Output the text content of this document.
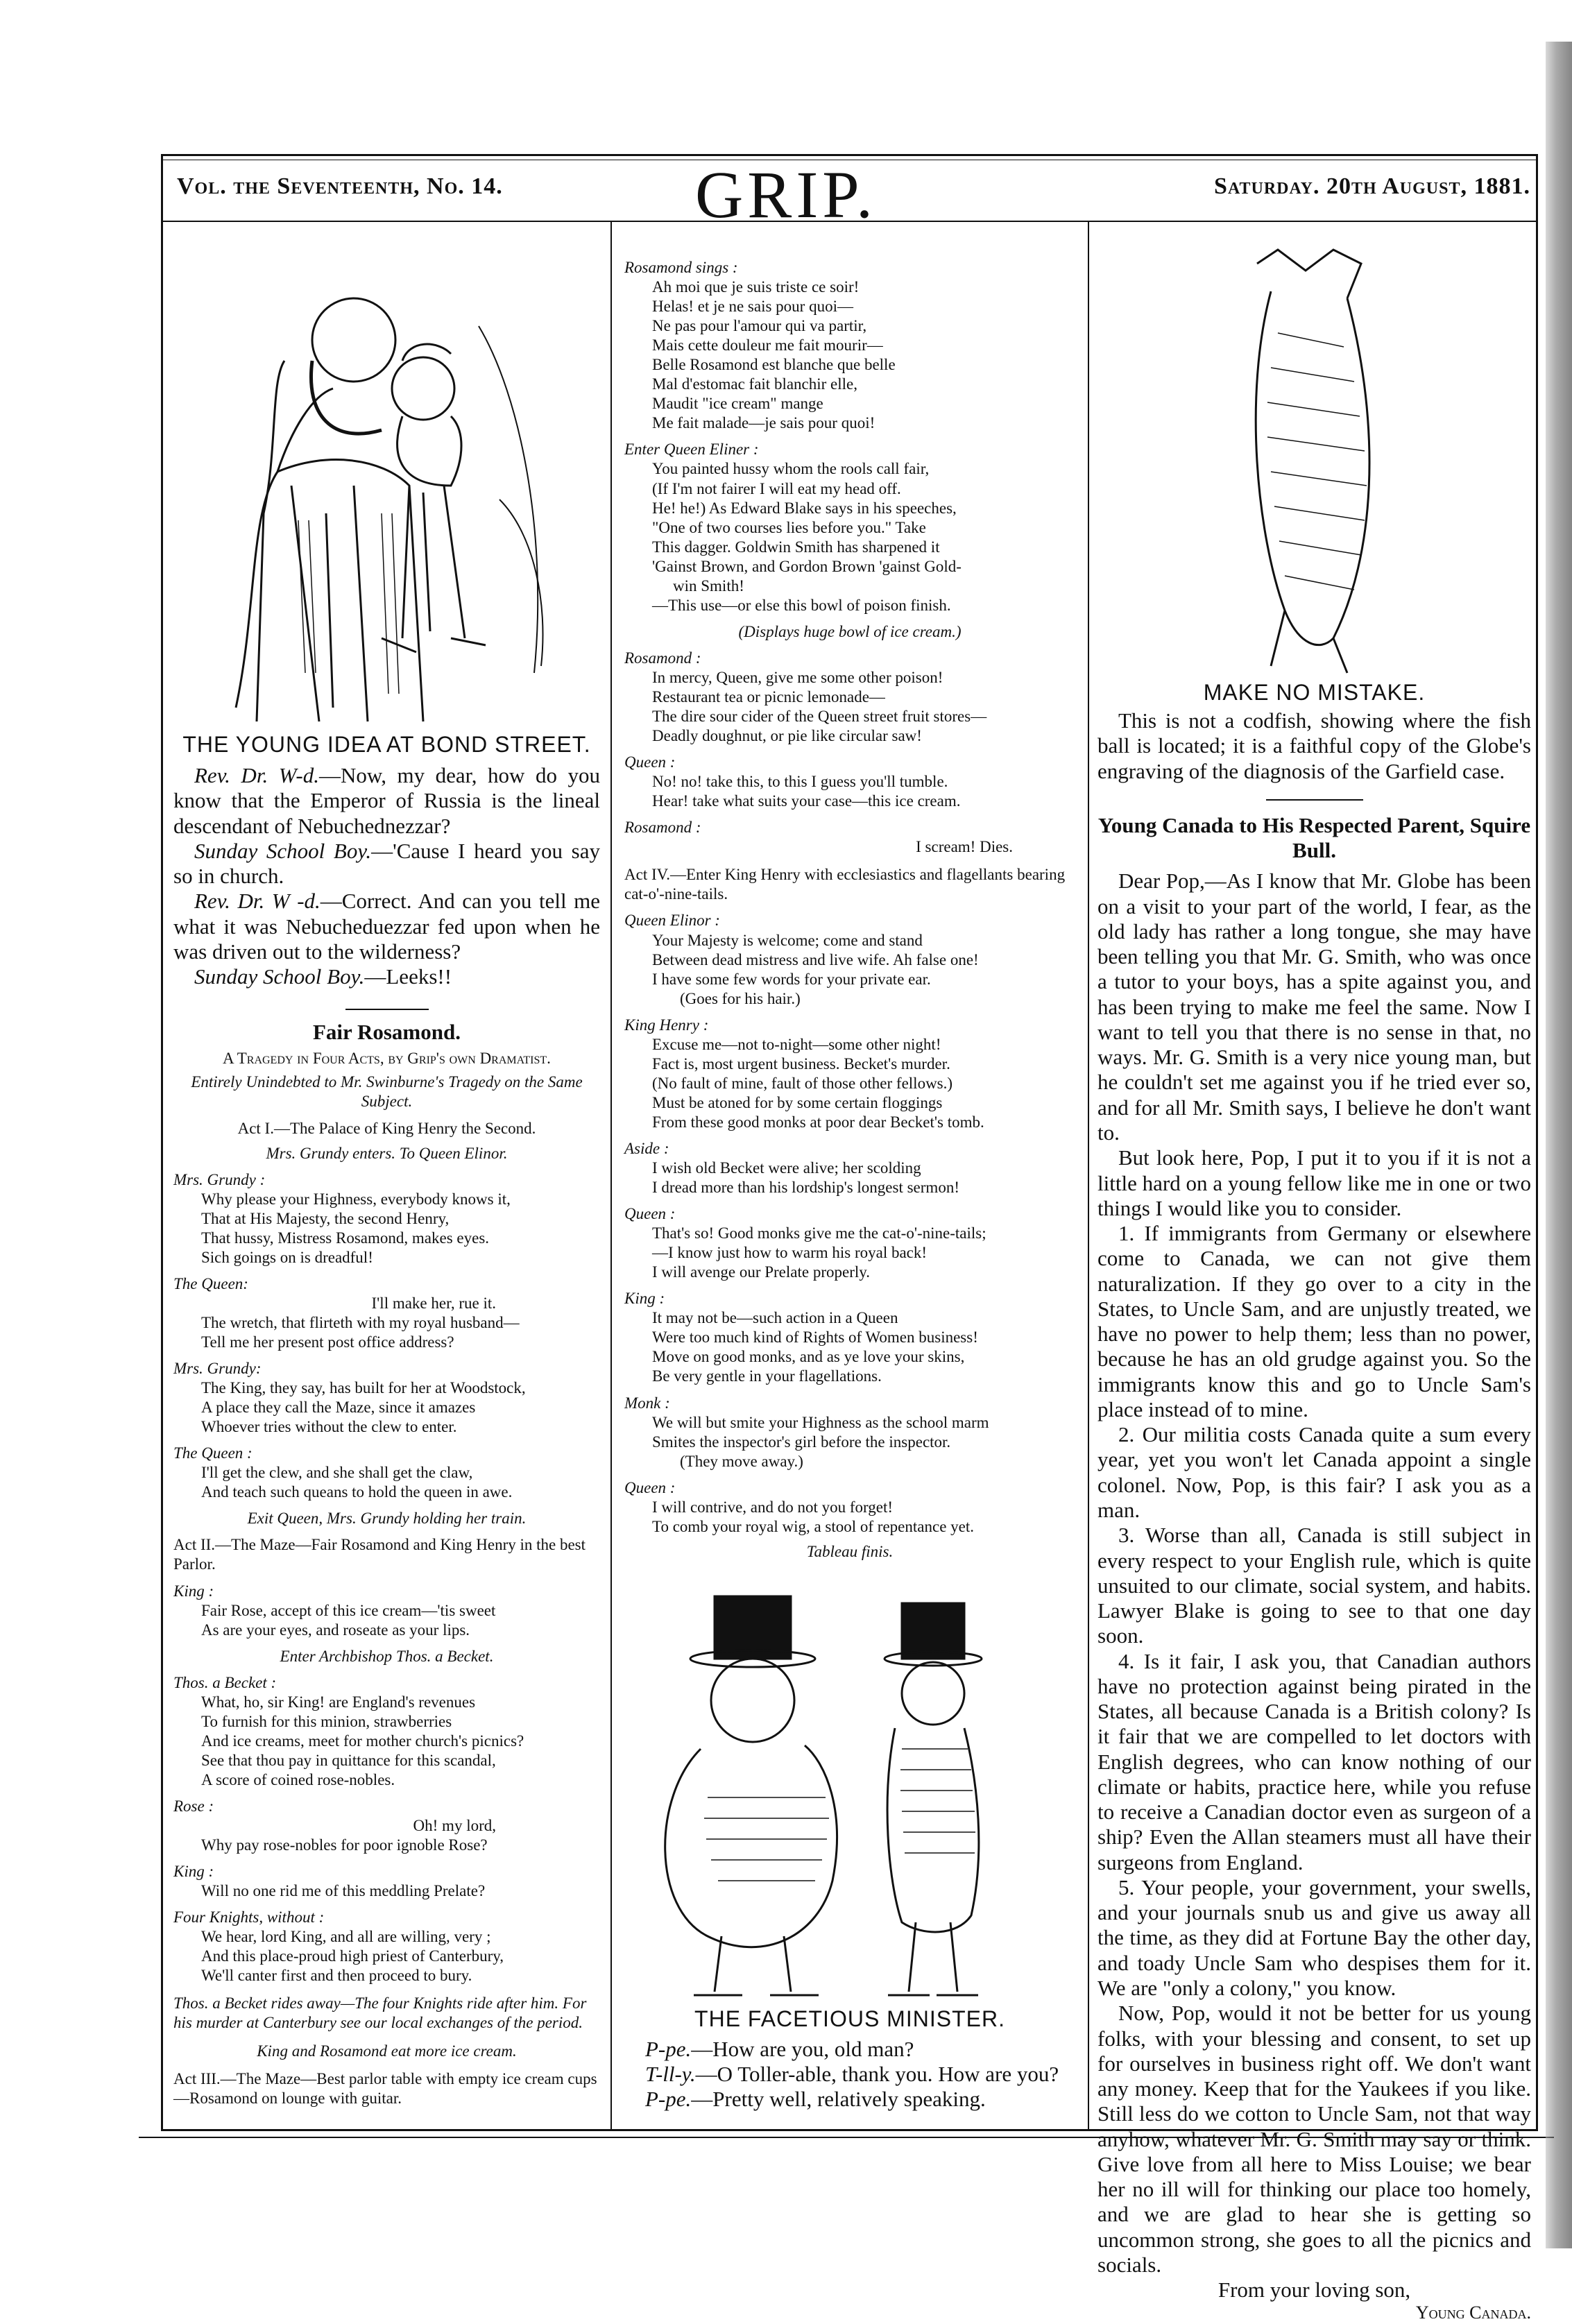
Vol. the Seventeenth, No. 14.	GRIP.	Saturday. 20th August, 1881.
THE YOUNG IDEA AT BOND STREET.

Rev. Dr. W-d.—Now, my dear, how do you know that the Emperor of Russia is the lineal descendant of Nebuchednezzar?

Sunday School Boy.—'Cause I heard you say so in church.

Rev. Dr. W -d.—Correct. And can you tell me what it was Nebucheduezzar fed upon when he was driven out to the wilderness?

Sunday School Boy.—Leeks!!

Fair Rosamond.
A Tragedy in Four Acts, by Grip's own Dramatist.
Entirely Unindebted to Mr. Swinburne's Tragedy on the Same Subject.
Act I.—The Palace of King Henry the Second.
Mrs. Grundy enters. To Queen Elinor.
Mrs. Grundy :
Why please your Highness, everybody knows it,
That at His Majesty, the second Henry,
That hussy, Mistress Rosamond, makes eyes.
Sich goings on is dreadful!
The Queen:
I'll make her, rue it.
The wretch, that flirteth with my royal husband—
Tell me her present post office address?
Mrs. Grundy:
The King, they say, has built for her at Woodstock,
A place they call the Maze, since it amazes
Whoever tries without the clew to enter.
The Queen :
I'll get the clew, and she shall get the claw,
And teach such queans to hold the queen in awe.
Exit Queen, Mrs. Grundy holding her train.
Act II.—The Maze—Fair Rosamond and King Henry in the best Parlor.
King :
Fair Rose, accept of this ice cream—'tis sweet
As are your eyes, and roseate as your lips.
Enter Archbishop Thos. a Becket.
Thos. a Becket :
What, ho, sir King! are England's revenues
To furnish for this minion, strawberries
And ice creams, meet for mother church's picnics?
See that thou pay in quittance for this scandal,
A score of coined rose-nobles.
Rose :
Oh! my lord,
Why pay rose-nobles for poor ignoble Rose?
King :
Will no one rid me of this meddling Prelate?
Four Knights, without :
We hear, lord King, and all are willing, very ;
And this place-proud high priest of Canterbury,
We'll canter first and then proceed to bury.
Thos. a Becket rides away—The four Knights ride after him. For his murder at Canterbury see our local exchanges of the period.
King and Rosamond eat more ice cream.
Act III.—The Maze—Best parlor table with empty ice cream cups—Rosamond on lounge with guitar.
Rosamond sings :
Ah moi que je suis triste ce soir!
Helas! et je ne sais pour quoi—
Ne pas pour l'amour qui va partir,
Mais cette douleur me fait mourir—
Belle Rosamond est blanche que belle
Mal d'estomac fait blanchir elle,
Maudit "ice cream" mange
Me fait malade—je sais pour quoi!
Enter Queen Eliner :
You painted hussy whom the rools call fair,
(If I'm not fairer I will eat my head off.
He! he!) As Edward Blake says in his speeches,
"One of two courses lies before you." Take
This dagger. Goldwin Smith has sharpened it
'Gainst Brown, and Gordon Brown 'gainst Gold-
win Smith!
—This use—or else this bowl of poison finish.
(Displays huge bowl of ice cream.)
Rosamond :
In mercy, Queen, give me some other poison!
Restaurant tea or picnic lemonade—
The dire sour cider of the Queen street fruit stores—
Deadly doughnut, or pie like circular saw!
Queen :
No! no! take this, to this I guess you'll tumble.
Hear! take what suits your case—this ice cream.
Rosamond :
I scream! Dies.
Act IV.—Enter King Henry with ecclesiastics and flagellants bearing cat-o'-nine-tails.
Queen Elinor :
Your Majesty is welcome; come and stand
Between dead mistress and live wife. Ah false one!
I have some few words for your private ear.
(Goes for his hair.)
King Henry :
Excuse me—not to-night—some other night!
Fact is, most urgent business. Becket's murder.
(No fault of mine, fault of those other fellows.)
Must be atoned for by some certain floggings
From these good monks at poor dear Becket's tomb.
Aside :
I wish old Becket were alive; her scolding
I dread more than his lordship's longest sermon!
Queen :
That's so! Good monks give me the cat-o'-nine-tails;
—I know just how to warm his royal back!
I will avenge our Prelate properly.
King :
It may not be—such action in a Queen
Were too much kind of Rights of Women business!
Move on good monks, and as ye love your skins,
Be very gentle in your flagellations.
Monk :
We will but smite your Highness as the school marm
Smites the inspector's girl before the inspector.
(They move away.)
Queen :
I will contrive, and do not you forget!
To comb your royal wig, a stool of repentance yet.
Tableau finis.
THE FACETIOUS MINISTER.

P-pe.—How are you, old man?

T-ll-y.—O Toller-able, thank you. How are you?

P-pe.—Pretty well, relatively speaking.

MAKE NO MISTAKE.

This is not a codfish, showing where the fish ball is located; it is a faithful copy of the Globe's engraving of the diagnosis of the Garfield case.

Young Canada to His Respected Parent, Squire Bull.

Dear Pop,—As I know that Mr. Globe has been on a visit to your part of the world, I fear, as the old lady has rather a long tongue, she may have been telling you that Mr. G. Smith, who was once a tutor to your boys, has a spite against you, and has been trying to make me feel the same. Now I want to tell you that there is no sense in that, no ways. Mr. G. Smith is a very nice young man, but he couldn't set me against you if he tried ever so, and for all Mr. Smith says, I believe he don't want to.

But look here, Pop, I put it to you if it is not a little hard on a young fellow like me in one or two things I would like you to consider.

1. If immigrants from Germany or elsewhere come to Canada, we can not give them naturalization. If they go over to a city in the States, to Uncle Sam, and are unjustly treated, we have no power to help them; less than no power, because he has an old grudge against you. So the immigrants know this and go to Uncle Sam's place instead of to mine.

2. Our militia costs Canada quite a sum every year, yet you won't let Canada appoint a single colonel. Now, Pop, is this fair? I ask you as a man.

3. Worse than all, Canada is still subject in every respect to your English rule, which is quite unsuited to our climate, social system, and habits. Lawyer Blake is going to see to that one day soon.

4. Is it fair, I ask you, that Canadian authors have no protection against being pirated in the States, all because Canada is a British colony? Is it fair that we are compelled to let doctors with English degrees, who can know nothing of our climate or habits, practice here, while you refuse to receive a Canadian doctor even as surgeon of a ship? Even the Allan steamers must all have their surgeons from England.

5. Your people, your government, your swells, and your journals snub us and give us away all the time, as they did at Fortune Bay the other day, and toady Uncle Sam who despises them for it. We are "only a colony," you know.

Now, Pop, would it not be better for us young folks, with your blessing and consent, to set up for ourselves in business right off. We don't want any money. Keep that for the Yaukees if you like. Still less do we cotton to Uncle Sam, not that way anyhow, whatever Mr. G. Smith may say or think. Give love from all here to Miss Louise; we bear her no ill will for thinking our place too homely, and we are glad to hear she is getting so uncommon strong, she goes to all the picnics and socials.

From your loving son,
Young Canada.
